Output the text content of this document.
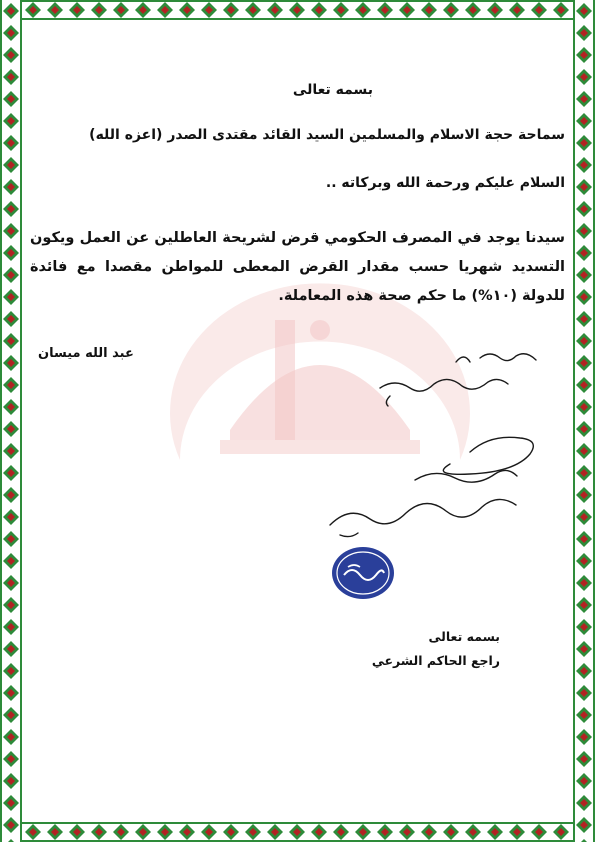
بسمه تعالى
سماحة حجة الاسلام والمسلمين السيد القائد مقتدى الصدر (اعزه الله)
السلام عليكم ورحمة الله وبركاته ..
سيدنا يوجد في المصرف الحكومي قرض لشريحة العاطلين عن العمل ويكون التسديد شهريا حسب مقدار القرض المعطى للمواطن مقصدا مع فائدة للدولة (١٠%) ما حكم صحة هذه المعاملة.
عبد الله ميسان
بسمه تعالى
راجع الحاكم الشرعي
